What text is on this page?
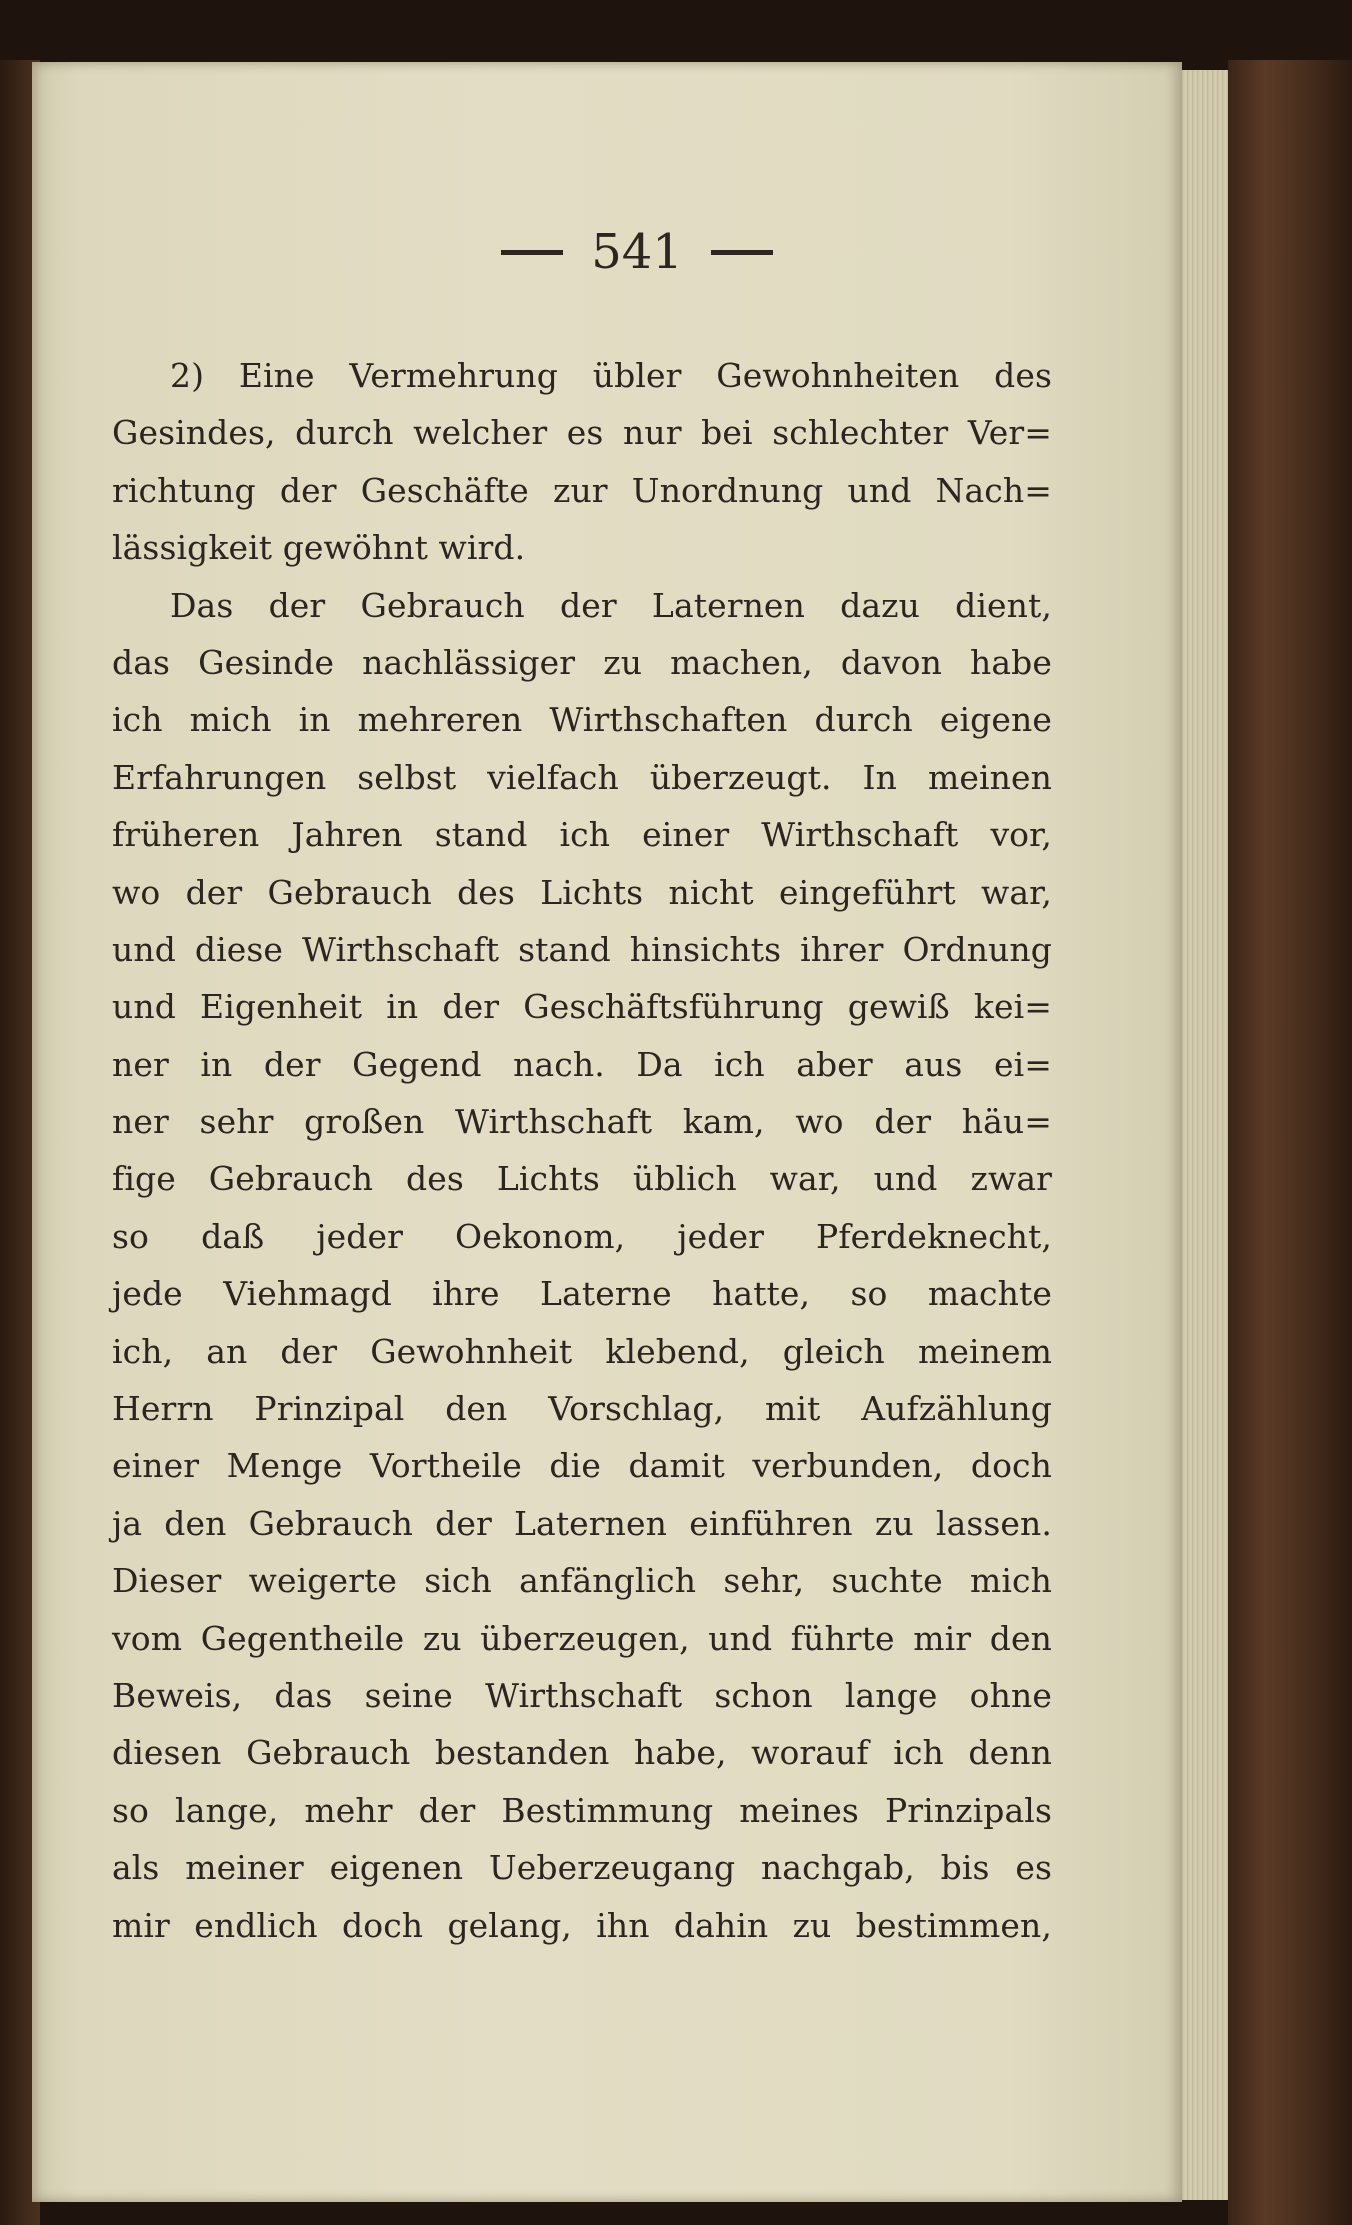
541
2) Eine Vermehrung übler Gewohnheiten des
Gesindes, durch welcher es nur bei schlechter Ver=
richtung der Geschäfte zur Unordnung und Nach=
lässigkeit gewöhnt wird.
Das der Gebrauch der Laternen dazu dient,
das Gesinde nachlässiger zu machen, davon habe
ich mich in mehreren Wirthschaften durch eigene
Erfahrungen selbst vielfach überzeugt. In meinen
früheren Jahren stand ich einer Wirthschaft vor,
wo der Gebrauch des Lichts nicht eingeführt war,
und diese Wirthschaft stand hinsichts ihrer Ordnung
und Eigenheit in der Geschäftsführung gewiß kei=
ner in der Gegend nach. Da ich aber aus ei=
ner sehr großen Wirthschaft kam, wo der häu=
fige Gebrauch des Lichts üblich war, und zwar
so daß jeder Oekonom, jeder Pferdeknecht,
jede Viehmagd ihre Laterne hatte, so machte
ich, an der Gewohnheit klebend, gleich meinem
Herrn Prinzipal den Vorschlag, mit Aufzählung
einer Menge Vortheile die damit verbunden, doch
ja den Gebrauch der Laternen einführen zu lassen.
Dieser weigerte sich anfänglich sehr, suchte mich
vom Gegentheile zu überzeugen, und führte mir den
Beweis, das seine Wirthschaft schon lange ohne
diesen Gebrauch bestanden habe, worauf ich denn
so lange, mehr der Bestimmung meines Prinzipals
als meiner eigenen Ueberzeugang nachgab, bis es
mir endlich doch gelang, ihn dahin zu bestimmen,
